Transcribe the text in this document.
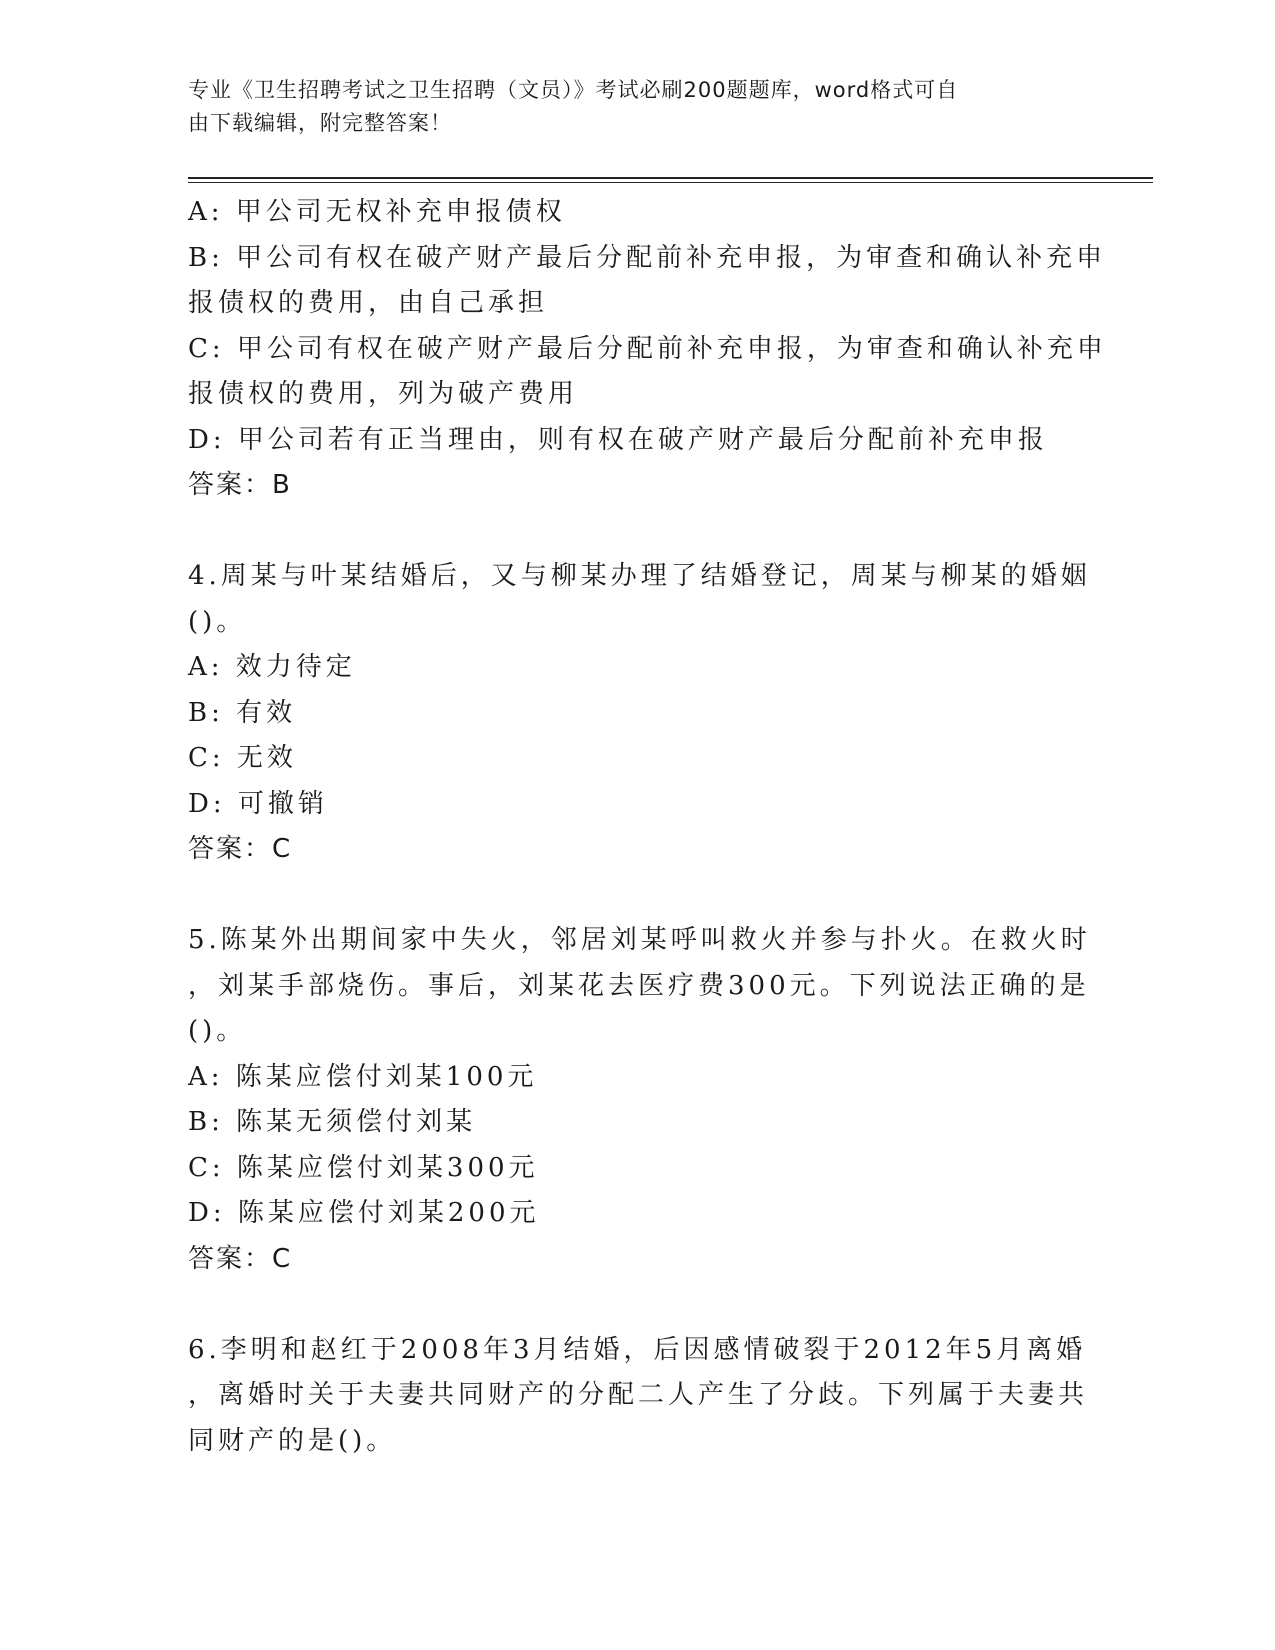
专业《卫生招聘考试之卫生招聘（文员）》考试必刷200题题库，word格式可自
由下载编辑，附完整答案！
A: 甲公司无权补充申报债权
B: 甲公司有权在破产财产最后分配前补充申报，为审查和确认补充申
报债权的费用，由自己承担
C: 甲公司有权在破产财产最后分配前补充申报，为审查和确认补充申
报债权的费用，列为破产费用
D: 甲公司若有正当理由，则有权在破产财产最后分配前补充申报
答案：B
4.周某与叶某结婚后，又与柳某办理了结婚登记，周某与柳某的婚姻
()。
A: 效力待定
B: 有效
C: 无效
D: 可撤销
答案：C
5.陈某外出期间家中失火，邻居刘某呼叫救火并参与扑火。在救火时
，刘某手部烧伤。事后，刘某花去医疗费300元。下列说法正确的是
()。
A: 陈某应偿付刘某100元
B: 陈某无须偿付刘某
C: 陈某应偿付刘某300元
D: 陈某应偿付刘某200元
答案：C
6.李明和赵红于2008年3月结婚，后因感情破裂于2012年5月离婚
，离婚时关于夫妻共同财产的分配二人产生了分歧。下列属于夫妻共
同财产的是()。
